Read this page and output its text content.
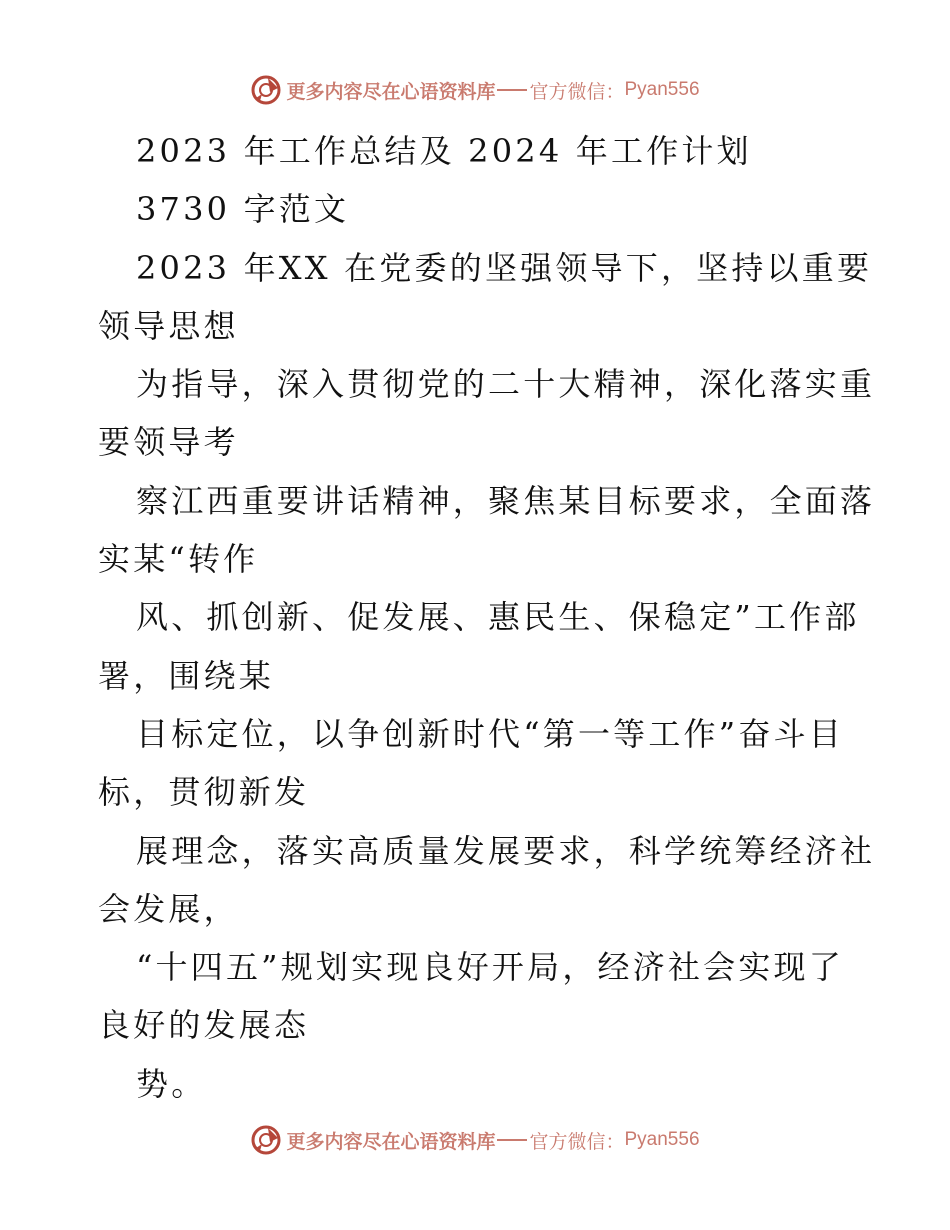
更多内容尽在心语资料库 官方微信： Pyan556
2023 年工作总结及 2024 年工作计划
3730 字范文
2023 年XX 在党委的坚强领导下，坚持以重要
领导思想
为指导，深入贯彻党的二十大精神，深化落实重
要领导考
察江西重要讲话精神，聚焦某目标要求，全面落
实某“转作
风、抓创新、促发展、惠民生、保稳定”工作部
署，围绕某
目标定位，以争创新时代“第一等工作”奋斗目
标，贯彻新发
展理念，落实高质量发展要求，科学统筹经济社
会发展，
“十四五”规划实现良好开局，经济社会实现了
良好的发展态
势。
更多内容尽在心语资料库 官方微信： Pyan556
